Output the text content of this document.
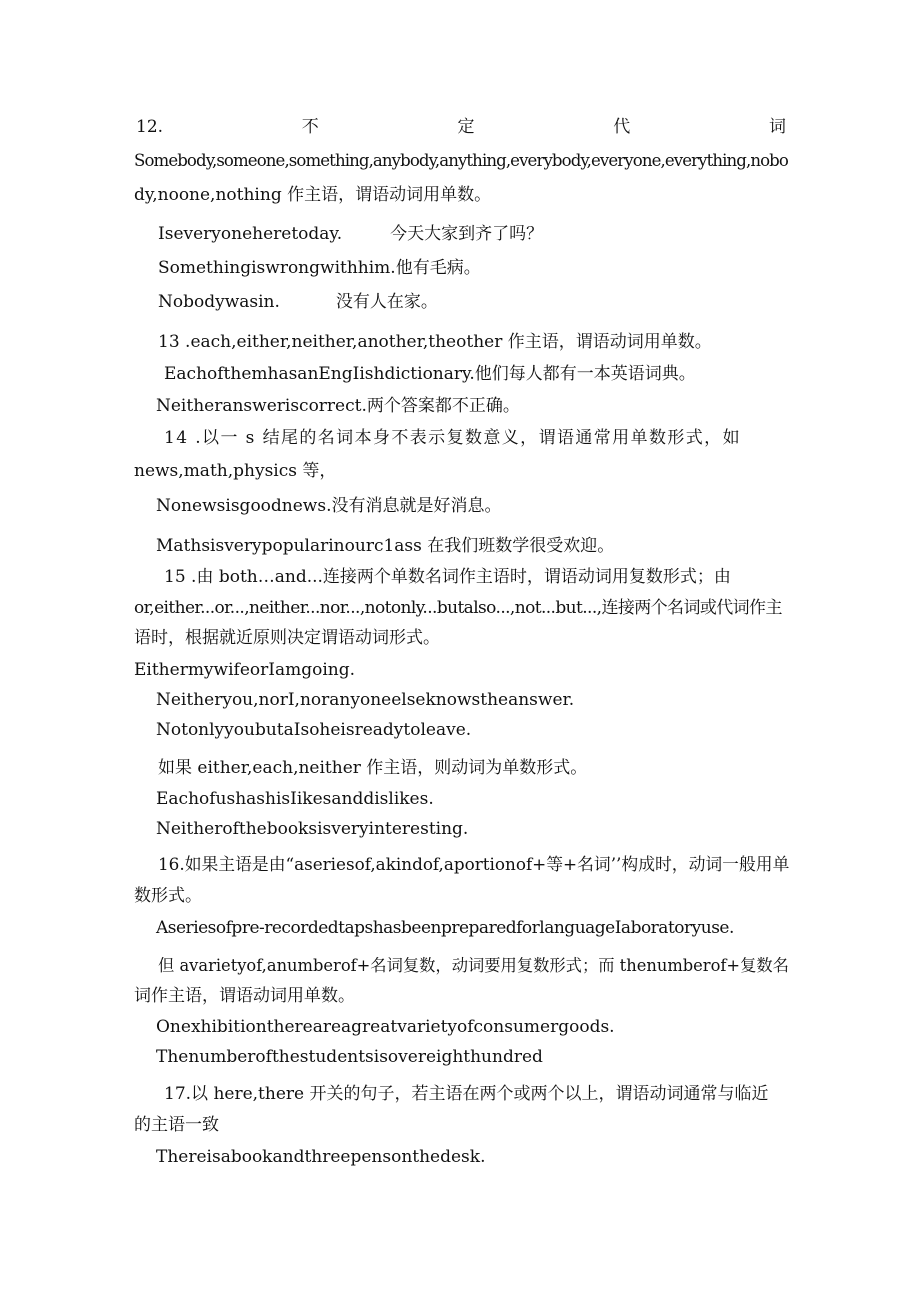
12.	不	定	代	词
Somebody,someone,something,anybody,anything,everybody,everyone,everything,nobo
dy,noone,nothing 作主语，谓语动词用单数。
Iseveryoneheretoday.	今天大家到齐了吗？
Somethingiswrongwithhim.他有毛病。
Nobodywasin.	没有人在家。
13 .each,either,neither,another,theother 作主语，谓语动词用单数。
EachofthemhasanEngIishdictionary.他们每人都有一本英语词典。
Neitheransweriscorrect.两个答案都不正确。
14 .以一 s 结尾的名词本身不表示复数意义，谓语通常用单数形式，如
news,math,physics 等，
Nonewsisgoodnews.没有消息就是好消息。
Mathsisverypopularinourc1ass 在我们班数学很受欢迎。
15 .由 both…and...连接两个单数名词作主语时，谓语动词用复数形式；由
or,either...or...,neither...nor...,notonly...butalso...,not...but...,连接两个名词或代词作主
语时，根据就近原则决定谓语动词形式。
EithermywifeorIamgoing.
Neitheryou,norI,noranyoneelseknowstheanswer.
NotonlyyoubutaIsoheisreadytoleave.
如果 either,each,neither 作主语，则动词为单数形式。
EachofushashisIikesanddislikes.
Neitherofthebooksisveryinteresting.
16.如果主语是由“aseriesof,akindof,aportionof+等+名词’’构成时，动词一般用单
数形式。
Aseriesofpre-recordedtapshasbeenpreparedforlanguageIaboratoryuse.
但 avarietyof,anumberof+名词复数，动词要用复数形式；而 thenumberof+复数名
词作主语，谓语动词用单数。
Onexhibitionthereareagreatvarietyofconsumergoods.
Thenumberofthestudentsisovereighthundred
17.以 here,there 开关的句子，若主语在两个或两个以上，谓语动词通常与临近
的主语一致
Thereisabookandthreepensonthedesk.
